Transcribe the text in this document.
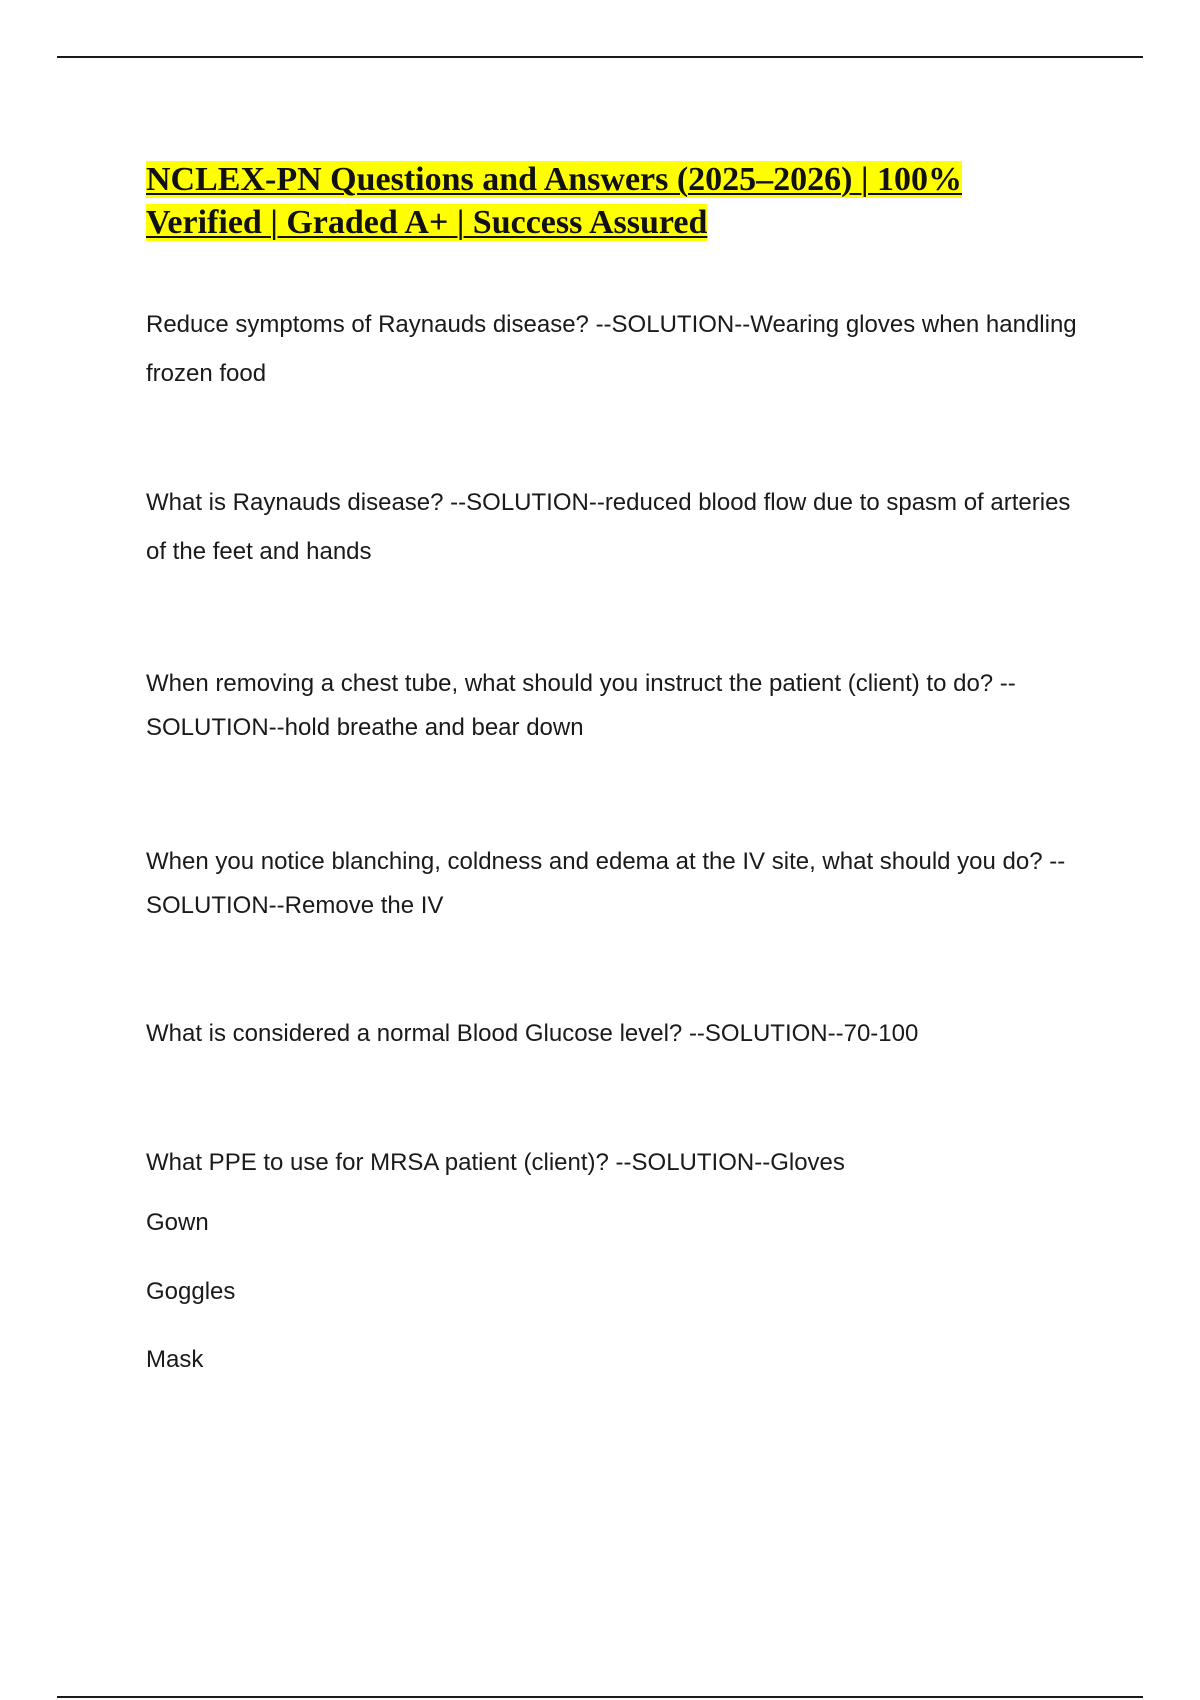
NCLEX-PN Questions and Answers (2025–2026) | 100%
Verified | Graded A+ | Success Assured

Reduce symptoms of Raynauds disease? --SOLUTION--Wearing gloves when handling frozen food

What is Raynauds disease? --SOLUTION--reduced blood flow due to spasm of arteries of the feet and hands

When removing a chest tube, what should you instruct the patient (client) to do? --SOLUTION--hold breathe and bear down

When you notice blanching, coldness and edema at the IV site, what should you do? --SOLUTION--Remove the IV

What is considered a normal Blood Glucose level? --SOLUTION--70-100

What PPE to use for MRSA patient (client)? --SOLUTION--Gloves

Gown

Goggles

Mask
